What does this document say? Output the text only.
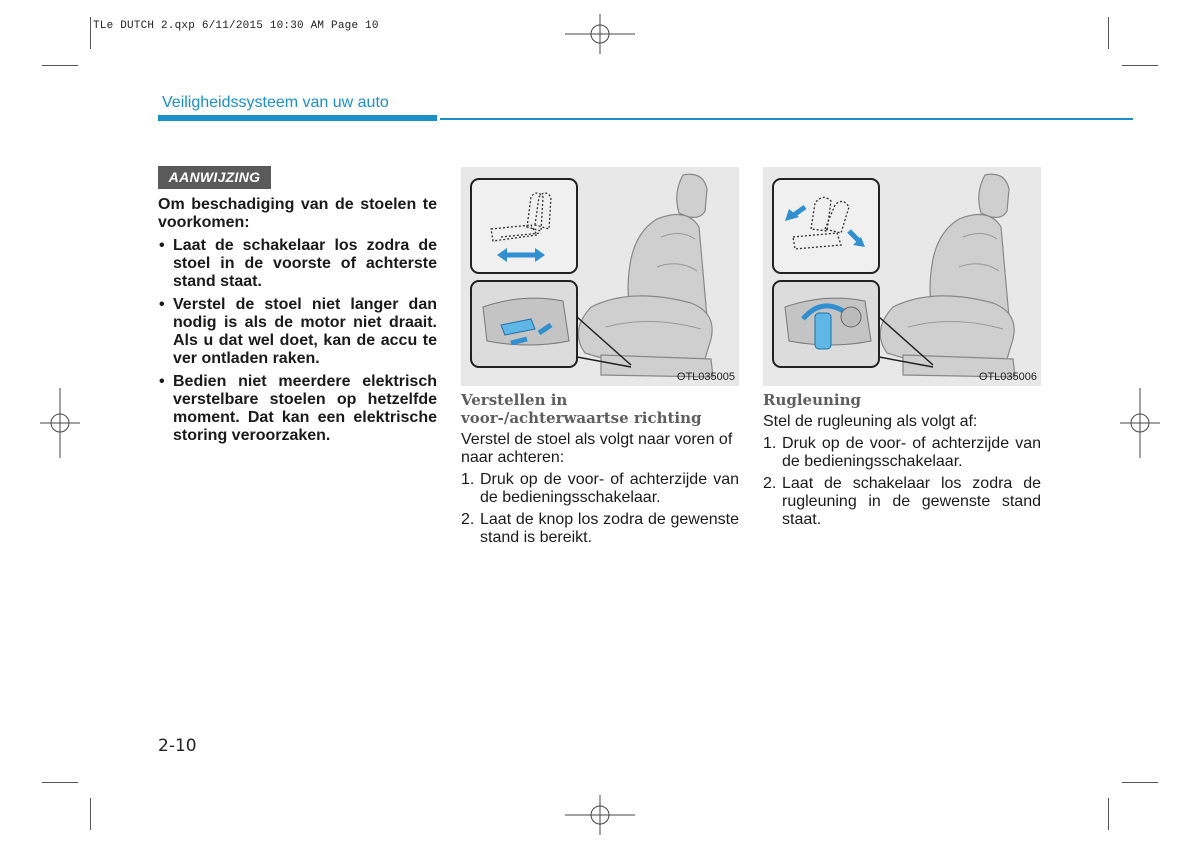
TLe DUTCH 2.qxp 6/11/2015 10:30 AM Page 10
Veiligheidssysteem van uw auto
AANWIJZING

Om beschadiging van de stoelen te voorkomen:

• Laat de schakelaar los zodra de stoel in de voorste of achterste stand staat.
• Verstel de stoel niet langer dan nodig is als de motor niet draait. Als u dat wel doet, kan de accu te ver ontladen raken.
• Bedien niet meerdere elektrisch verstelbare stoelen op hetzelfde moment. Dat kan een elektrische storing veroorzaken.
OTL035005	OTL035006
Verstellen in voor-/achterwaartse richting
Verstel de stoel als volgt naar voren of naar achteren:
1. Druk op de voor- of achterzijde van de bedieningsschakelaar.
2. Laat de knop los zodra de gewenste stand is bereikt.
Rugleuning
Stel de rugleuning als volgt af:
1. Druk op de voor- of achterzijde van de bedieningsschakelaar.
2. Laat de schakelaar los zodra de rugleuning in de gewenste stand staat.
2-10
